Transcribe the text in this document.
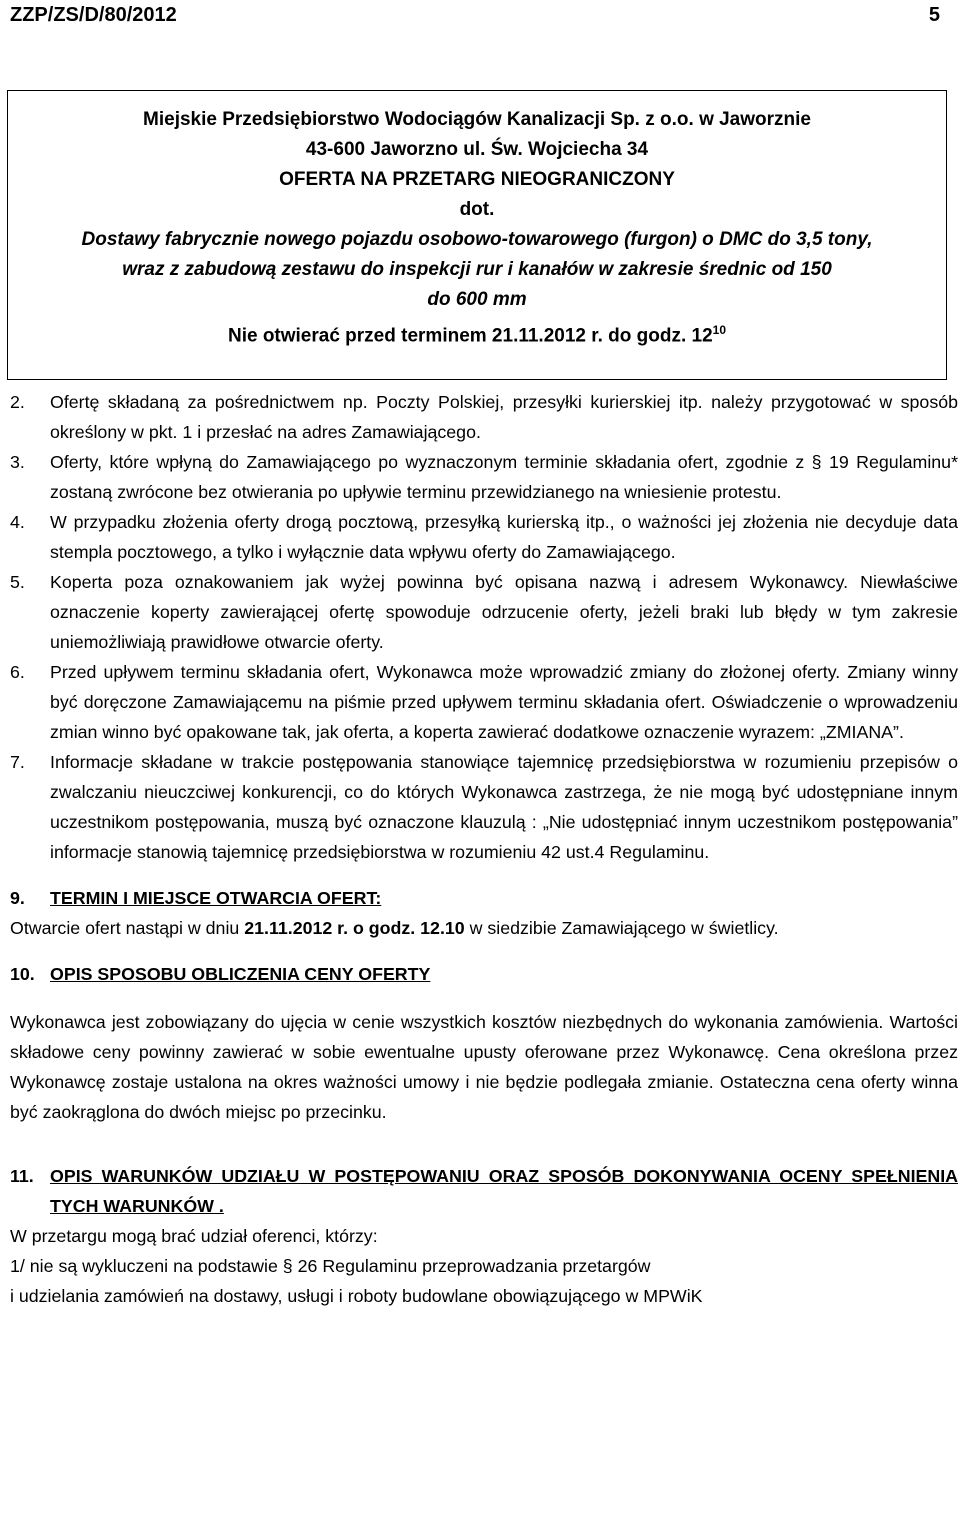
ZZP/ZS/D/80/2012	5
Miejskie Przedsiębiorstwo Wodociągów Kanalizacji Sp. z o.o. w Jaworznie
43-600 Jaworzno ul. Św. Wojciecha 34
OFERTA NA PRZETARG NIEOGRANICZONY
dot.
Dostawy fabrycznie nowego pojazdu osobowo-towarowego (furgon) o DMC do 3,5 tony,
wraz z zabudową zestawu do inspekcji rur i kanałów w zakresie średnic od 150
do 600 mm
Nie otwierać przed terminem 21.11.2012 r. do godz. $12^{10}$
2. Ofertę składaną za pośrednictwem np. Poczty Polskiej, przesyłki kurierskiej itp. należy przygotować w sposób określony w pkt. 1 i przesłać na adres Zamawiającego.
3. Oferty, które wpłyną do Zamawiającego po wyznaczonym terminie składania ofert, zgodnie z § 19 Regulaminu* zostaną zwrócone bez otwierania po upływie terminu przewidzianego na wniesienie protestu.
4. W przypadku złożenia oferty drogą pocztową, przesyłką kurierską itp., o ważności jej złożenia nie decyduje data stempla pocztowego, a tylko i wyłącznie data wpływu oferty do Zamawiającego.
5. Koperta poza oznakowaniem jak wyżej powinna być opisana nazwą i adresem Wykonawcy. Niewłaściwe oznaczenie koperty zawierającej ofertę spowoduje odrzucenie oferty, jeżeli braki lub błędy w tym zakresie uniemożliwiają prawidłowe otwarcie oferty.
6. Przed upływem terminu składania ofert, Wykonawca może wprowadzić zmiany do złożonej oferty. Zmiany winny być doręczone Zamawiającemu na piśmie przed upływem terminu składania ofert. Oświadczenie o wprowadzeniu zmian winno być opakowane tak, jak oferta, a koperta zawierać dodatkowe oznaczenie wyrazem: „ZMIANA”.
7. Informacje składane w trakcie postępowania stanowiące tajemnicę przedsiębiorstwa w rozumieniu przepisów o zwalczaniu nieuczciwej konkurencji, co do których Wykonawca zastrzega, że nie mogą być udostępniane innym uczestnikom postępowania, muszą być oznaczone klauzulą : „Nie udostępniać innym uczestnikom postępowania” informacje stanowią tajemnicę przedsiębiorstwa w rozumieniu 42 ust.4 Regulaminu.
9. TERMIN I MIEJSCE OTWARCIA OFERT:

Otwarcie ofert nastąpi w dniu 21.11.2012 r. o godz. 12.10 w siedzibie Zamawiającego w świetlicy.

10. OPIS SPOSOBU OBLICZENIA CENY OFERTY

Wykonawca jest zobowiązany do ujęcia w cenie wszystkich kosztów niezbędnych do wykonania zamówienia. Wartości składowe ceny powinny zawierać w sobie ewentualne upusty oferowane przez Wykonawcę. Cena określona przez Wykonawcę zostaje ustalona na okres ważności umowy i nie będzie podlegała zmianie. Ostateczna cena oferty winna być zaokrąglona do dwóch miejsc po przecinku.

11. OPIS WARUNKÓW UDZIAŁU W POSTĘPOWANIU ORAZ SPOSÓB DOKONYWANIA OCENY SPEŁNIENIA TYCH WARUNKÓW .

W przetargu mogą brać udział oferenci, którzy:

1/ nie są wykluczeni na podstawie § 26 Regulaminu przeprowadzania przetargów

i udzielania zamówień na dostawy, usługi i roboty budowlane obowiązującego w MPWiK
